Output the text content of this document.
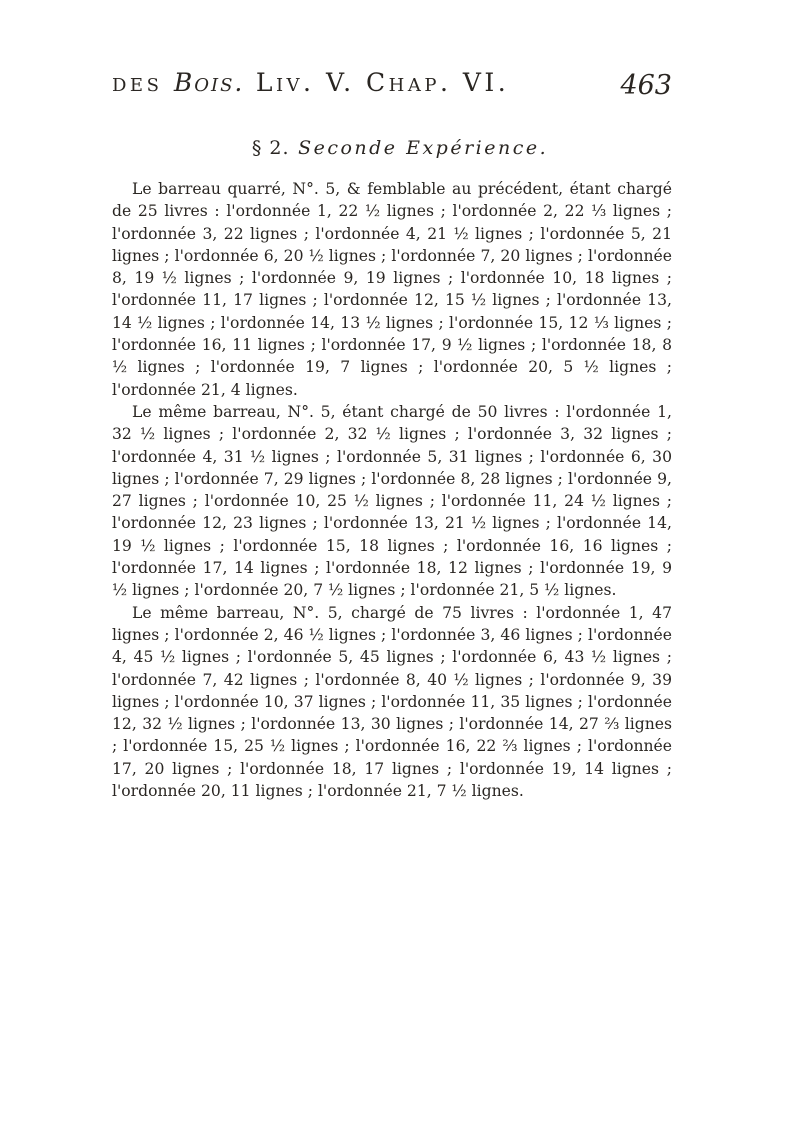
des Bois. Liv. V. Chap. VI.	463
§ 2. Seconde Expérience.

Le barreau quarré, N°. 5, & femblable au précédent, étant chargé de 25 livres : l'ordonnée 1, 22 ½ lignes ; l'ordonnée 2, 22 ⅓ lignes ; l'ordonnée 3, 22 lignes ; l'ordonnée 4, 21 ½ lignes ; l'ordonnée 5, 21 lignes ; l'ordonnée 6, 20 ½ lignes ; l'ordonnée 7, 20 lignes ; l'ordonnée 8, 19 ½ lignes ; l'ordonnée 9, 19 lignes ; l'ordonnée 10, 18 lignes ; l'ordonnée 11, 17 lignes ; l'ordonnée 12, 15 ½ lignes ; l'ordonnée 13, 14 ½ lignes ; l'ordonnée 14, 13 ½ lignes ; l'ordonnée 15, 12 ⅓ lignes ; l'ordonnée 16, 11 lignes ; l'ordonnée 17, 9 ½ lignes ; l'ordonnée 18, 8 ½ lignes ; l'ordonnée 19, 7 lignes ; l'ordonnée 20, 5 ½ lignes ; l'ordonnée 21, 4 lignes.

Le même barreau, N°. 5, étant chargé de 50 livres : l'ordonnée 1, 32 ½ lignes ; l'ordonnée 2, 32 ½ lignes ; l'ordonnée 3, 32 lignes ; l'ordonnée 4, 31 ½ lignes ; l'ordonnée 5, 31 lignes ; l'ordonnée 6, 30 lignes ; l'ordonnée 7, 29 lignes ; l'ordonnée 8, 28 lignes ; l'ordonnée 9, 27 lignes ; l'ordonnée 10, 25 ½ lignes ; l'ordonnée 11, 24 ½ lignes ; l'ordonnée 12, 23 lignes ; l'ordonnée 13, 21 ½ lignes ; l'ordonnée 14, 19 ½ lignes ; l'ordonnée 15, 18 lignes ; l'ordonnée 16, 16 lignes ; l'ordonnée 17, 14 lignes ; l'ordonnée 18, 12 lignes ; l'ordonnée 19, 9 ½ lignes ; l'ordonnée 20, 7 ½ lignes ; l'ordonnée 21, 5 ½ lignes.

Le même barreau, N°. 5, chargé de 75 livres : l'ordonnée 1, 47 lignes ; l'ordonnée 2, 46 ½ lignes ; l'ordonnée 3, 46 lignes ; l'ordonnée 4, 45 ½ lignes ; l'ordonnée 5, 45 lignes ; l'ordonnée 6, 43 ½ lignes ; l'ordonnée 7, 42 lignes ; l'ordonnée 8, 40 ½ lignes ; l'ordonnée 9, 39 lignes ; l'ordonnée 10, 37 lignes ; l'ordonnée 11, 35 lignes ; l'ordonnée 12, 32 ½ lignes ; l'ordonnée 13, 30 lignes ; l'ordonnée 14, 27 ⅔ lignes ; l'ordonnée 15, 25 ½ lignes ; l'ordonnée 16, 22 ⅔ lignes ; l'ordonnée 17, 20 lignes ; l'ordonnée 18, 17 lignes ; l'ordonnée 19, 14 lignes ; l'ordonnée 20, 11 lignes ; l'ordonnée 21, 7 ½ lignes.
